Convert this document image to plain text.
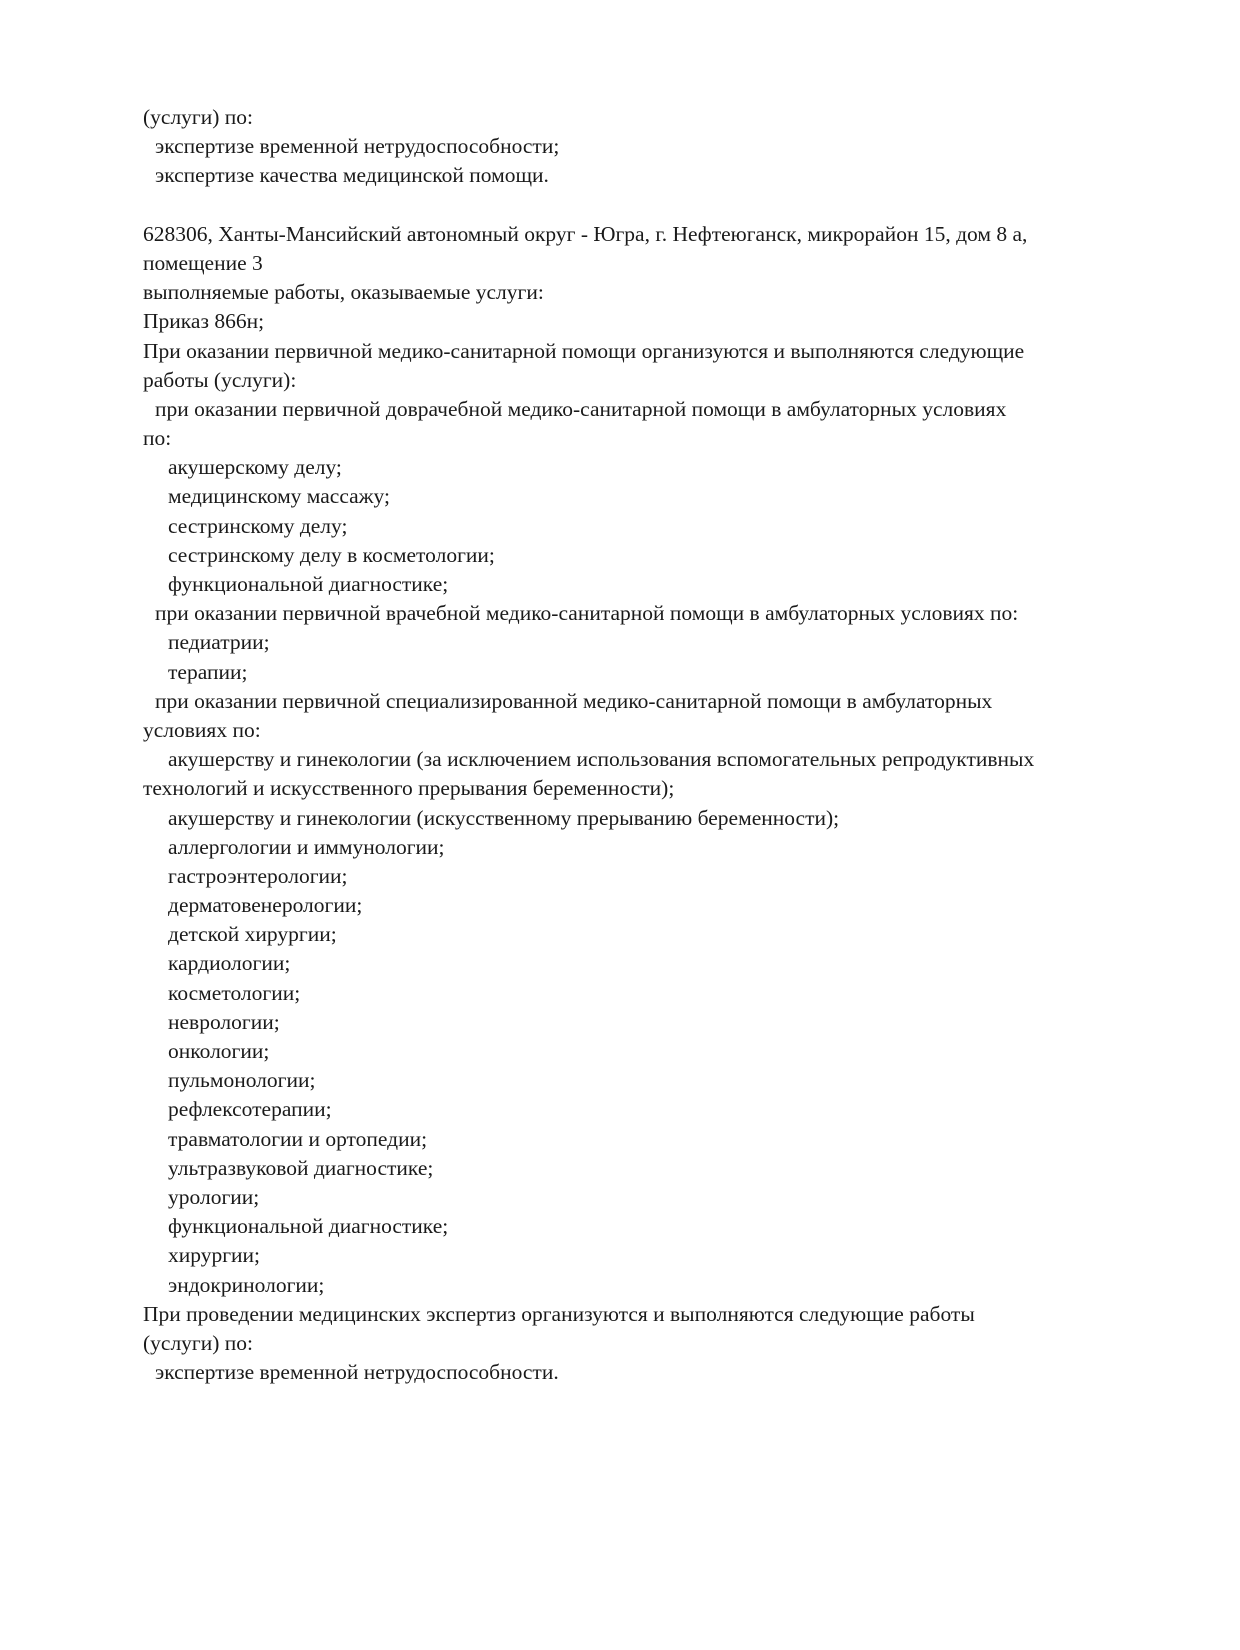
(услуги) по:
экспертизе временной нетрудоспособности;
экспертизе качества медицинской помощи.
628306, Ханты-Мансийский автономный округ - Югра, г. Нефтеюганск, микрорайон 15, дом 8 а,
помещение 3
выполняемые работы, оказываемые услуги:
Приказ 866н;
При оказании первичной медико-санитарной помощи организуются и выполняются следующие
работы (услуги):
при оказании первичной доврачебной медико-санитарной помощи в амбулаторных условиях
по:
акушерскому делу;
медицинскому массажу;
сестринскому делу;
сестринскому делу в косметологии;
функциональной диагностике;
при оказании первичной врачебной медико-санитарной помощи в амбулаторных условиях по:
педиатрии;
терапии;
при оказании первичной специализированной медико-санитарной помощи в амбулаторных
условиях по:
акушерству и гинекологии (за исключением использования вспомогательных репродуктивных
технологий и искусственного прерывания беременности);
акушерству и гинекологии (искусственному прерыванию беременности);
аллергологии и иммунологии;
гастроэнтерологии;
дерматовенерологии;
детской хирургии;
кардиологии;
косметологии;
неврологии;
онкологии;
пульмонологии;
рефлексотерапии;
травматологии и ортопедии;
ультразвуковой диагностике;
урологии;
функциональной диагностике;
хирургии;
эндокринологии;
При проведении медицинских экспертиз организуются и выполняются следующие работы
(услуги) по:
экспертизе временной нетрудоспособности.
